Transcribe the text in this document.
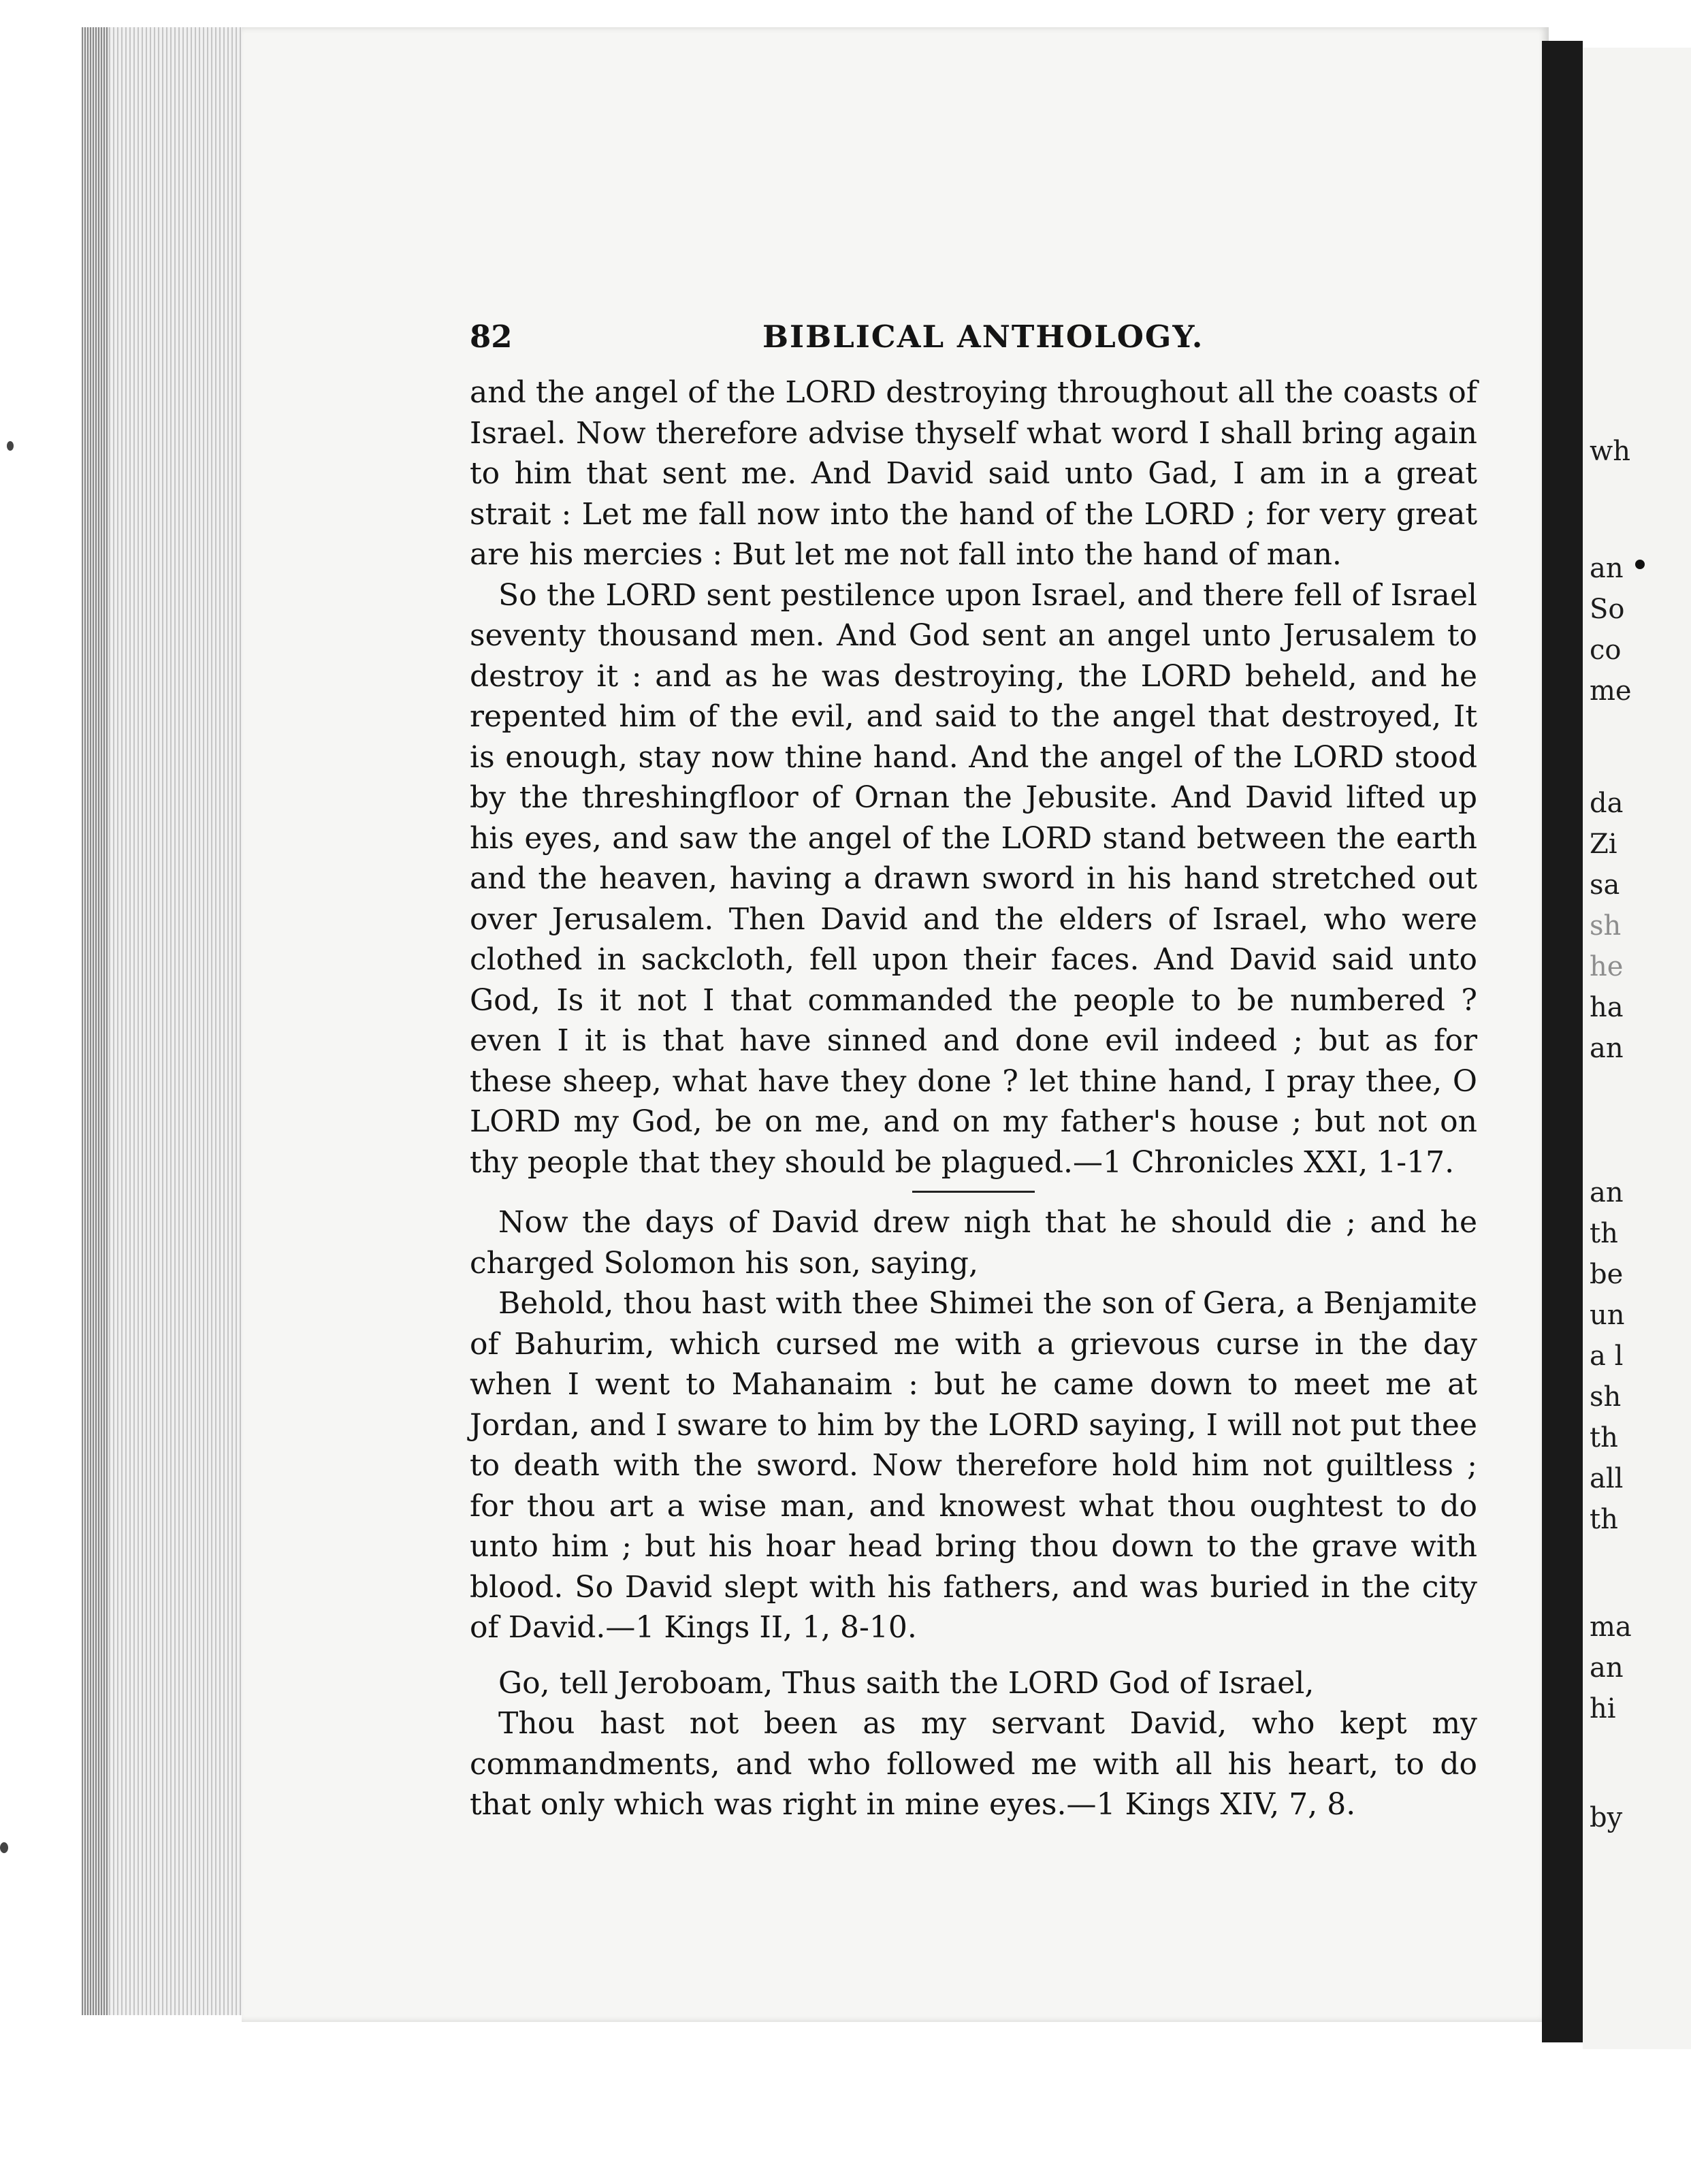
82	BIBLICAL ANTHOLOGY.

and the angel of the LORD destroying throughout all the coasts of Israel. Now therefore advise thyself what word I shall bring again to him that sent me. And David said unto Gad, I am in a great strait : Let me fall now into the hand of the LORD ; for very great are his mercies : But let me not fall into the hand of man.

So the LORD sent pestilence upon Israel, and there fell of Israel seventy thousand men. And God sent an angel unto Jerusalem to destroy it : and as he was destroying, the LORD beheld, and he repented him of the evil, and said to the angel that destroyed, It is enough, stay now thine hand. And the angel of the LORD stood by the threshingfloor of Ornan the Jebusite. And David lifted up his eyes, and saw the angel of the LORD stand between the earth and the heaven, having a drawn sword in his hand stretched out over Jerusalem. Then David and the elders of Israel, who were clothed in sackcloth, fell upon their faces. And David said unto God, Is it not I that commanded the people to be numbered ? even I it is that have sinned and done evil indeed ; but as for these sheep, what have they done ? let thine hand, I pray thee, O LORD my God, be on me, and on my father's house ; but not on thy people that they should be plagued.—1 Chronicles XXI, 1-17.

Now the days of David drew nigh that he should die ; and he charged Solomon his son, saying,

Behold, thou hast with thee Shimei the son of Gera, a Benjamite of Bahurim, which cursed me with a grievous curse in the day when I went to Mahanaim : but he came down to meet me at Jordan, and I sware to him by the LORD saying, I will not put thee to death with the sword. Now therefore hold him not guiltless ; for thou art a wise man, and knowest what thou oughtest to do unto him ; but his hoar head bring thou down to the grave with blood. So David slept with his fathers, and was buried in the city of David.—1 Kings II, 1, 8-10.

Go, tell Jeroboam, Thus saith the LORD God of Israel,

Thou hast not been as my servant David, who kept my commandments, and who followed me with all his heart, to do that only which was right in mine eyes.—1 Kings XIV, 7, 8.

wh
an
So
co
me
da
Zi
sa
sh
he
ha
an
an
th
be
un
a l
sh
th
all
th
ma
an
hi
by
